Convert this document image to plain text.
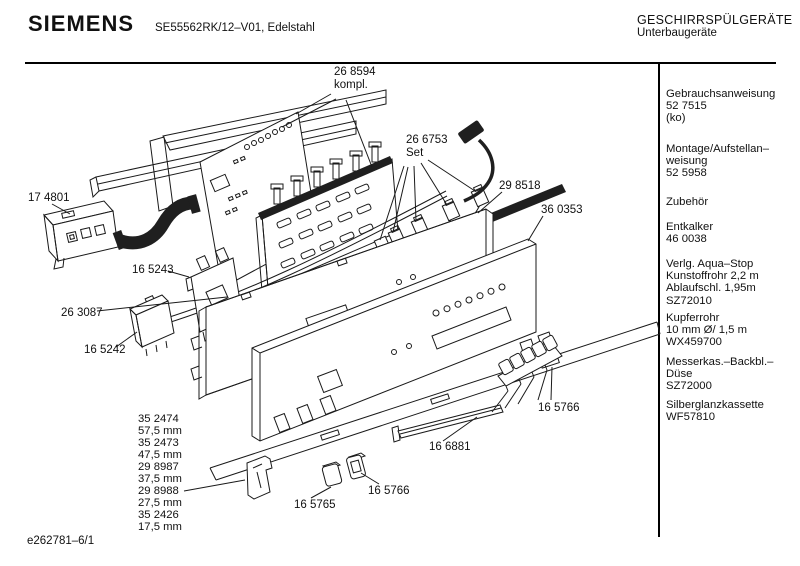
SIEMENS SE55562RK/12–V01, Edelstahl
GESCHIRRSPÜLGERÄTE
Unterbaugeräte
Gebrauchsanweisung
52 7515
(ko)
Montage/Aufstellan–
weisung
52 5958
Zubehör
Entkalker
46 0038
Verlg. Aqua–Stop
Kunstoffrohr 2,2 m
Ablaufschl. 1,95m
SZ72010
Kupferrohr
10 mm Ø/ 1,5 m
WX459700
Messerkas.–Backbl.–
Düse
SZ72000
Silberglanzkassette
WF57810
26 8594
kompl.
26 6753
Set
29 8518
36 0353
17 4801
16 5243
26 3087
16 5242
35 2474
57,5 mm
35 2473
47,5 mm
29 8987
37,5 mm
29 8988
27,5 mm
35 2426
17,5 mm
16 6881
16 5766
16 5765
16 5766
e262781–6/1
